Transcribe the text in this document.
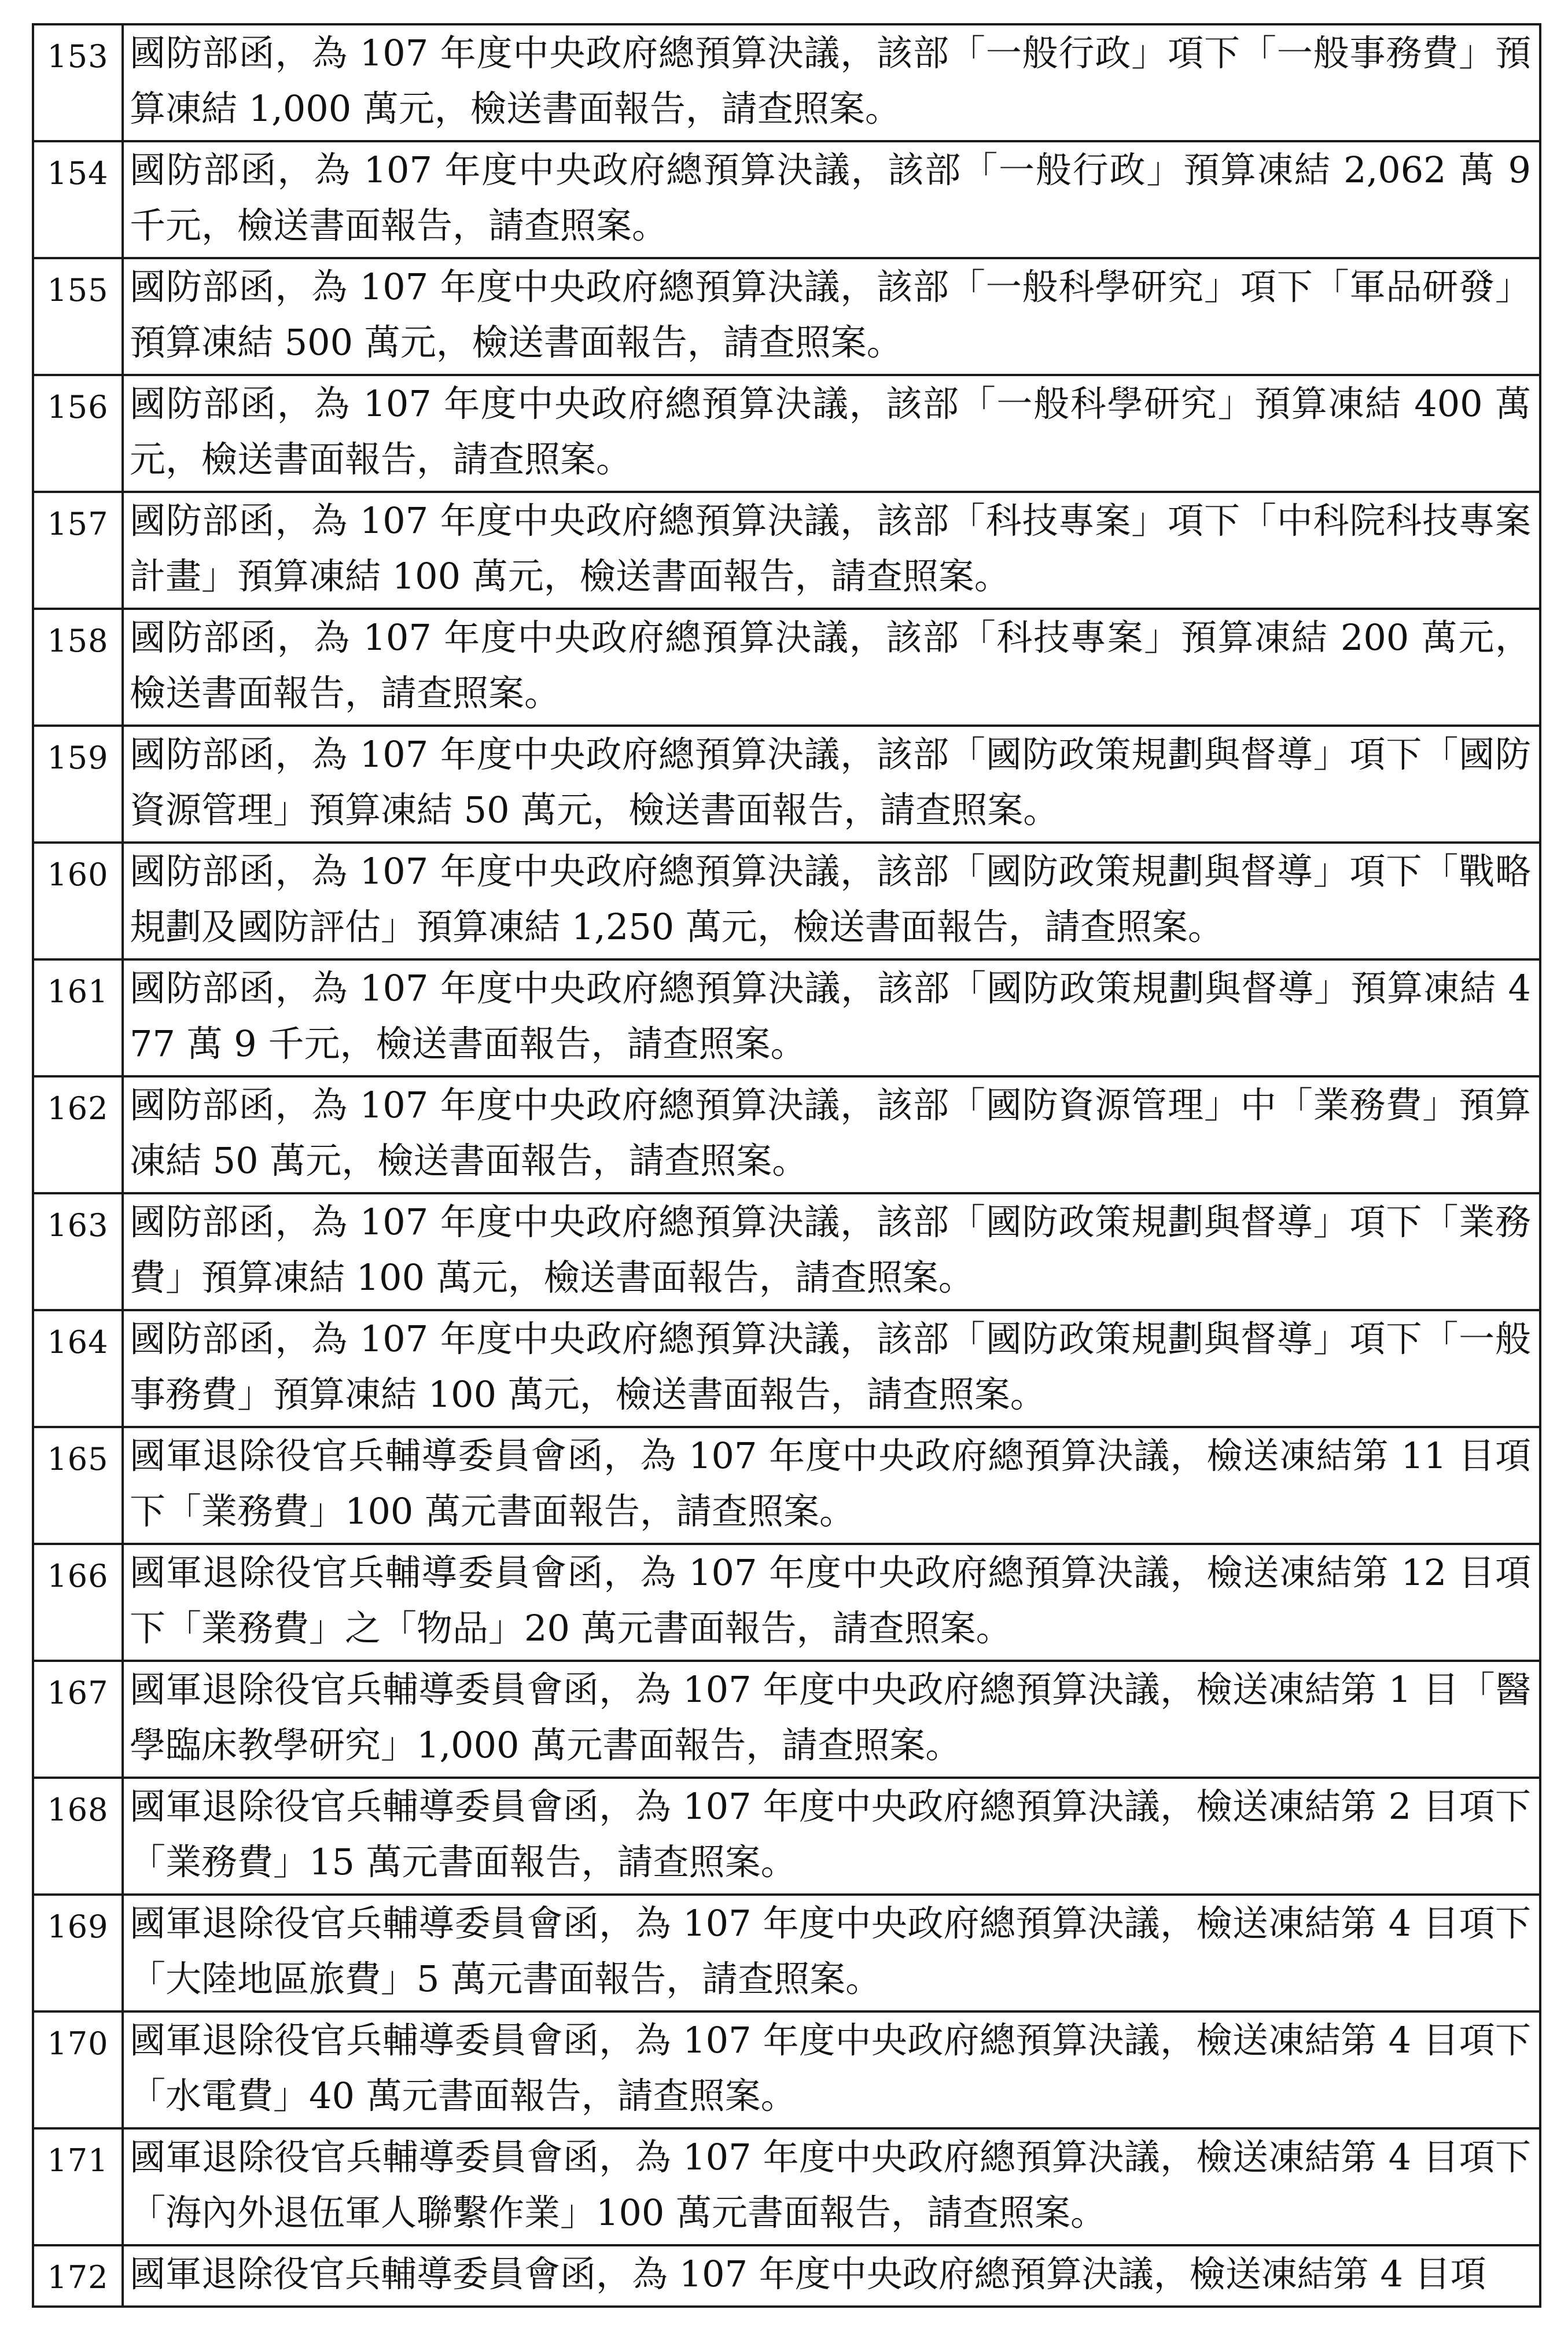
153	國防部函，為 107 年度中央政府總預算決議，該部「一般行政」項下「一般事務費」預算凍結 1,000 萬元，檢送書面報告，請查照案。
154	國防部函，為 107 年度中央政府總預算決議，該部「一般行政」預算凍結 2,062 萬 9 千元，檢送書面報告，請查照案。
155	國防部函，為 107 年度中央政府總預算決議，該部「一般科學研究」項下「軍品研發」預算凍結 500 萬元，檢送書面報告，請查照案。
156	國防部函，為 107 年度中央政府總預算決議，該部「一般科學研究」預算凍結 400 萬元，檢送書面報告，請查照案。
157	國防部函，為 107 年度中央政府總預算決議，該部「科技專案」項下「中科院科技專案計畫」預算凍結 100 萬元，檢送書面報告，請查照案。
158	國防部函，為 107 年度中央政府總預算決議，該部「科技專案」預算凍結 200 萬元，檢送書面報告，請查照案。
159	國防部函，為 107 年度中央政府總預算決議，該部「國防政策規劃與督導」項下「國防資源管理」預算凍結 50 萬元，檢送書面報告，請查照案。
160	國防部函，為 107 年度中央政府總預算決議，該部「國防政策規劃與督導」項下「戰略規劃及國防評估」預算凍結 1,250 萬元，檢送書面報告，請查照案。
161	國防部函，為 107 年度中央政府總預算決議，該部「國防政策規劃與督導」預算凍結 477 萬 9 千元，檢送書面報告，請查照案。
162	國防部函，為 107 年度中央政府總預算決議，該部「國防資源管理」中「業務費」預算凍結 50 萬元，檢送書面報告，請查照案。
163	國防部函，為 107 年度中央政府總預算決議，該部「國防政策規劃與督導」項下「業務費」預算凍結 100 萬元，檢送書面報告，請查照案。
164	國防部函，為 107 年度中央政府總預算決議，該部「國防政策規劃與督導」項下「一般事務費」預算凍結 100 萬元，檢送書面報告，請查照案。
165	國軍退除役官兵輔導委員會函，為 107 年度中央政府總預算決議，檢送凍結第 11 目項下「業務費」100 萬元書面報告，請查照案。
166	國軍退除役官兵輔導委員會函，為 107 年度中央政府總預算決議，檢送凍結第 12 目項下「業務費」之「物品」20 萬元書面報告，請查照案。
167	國軍退除役官兵輔導委員會函，為 107 年度中央政府總預算決議，檢送凍結第 1 目「醫學臨床教學研究」1,000 萬元書面報告，請查照案。
168	國軍退除役官兵輔導委員會函，為 107 年度中央政府總預算決議，檢送凍結第 2 目項下「業務費」15 萬元書面報告，請查照案。
169	國軍退除役官兵輔導委員會函，為 107 年度中央政府總預算決議，檢送凍結第 4 目項下「大陸地區旅費」5 萬元書面報告，請查照案。
170	國軍退除役官兵輔導委員會函，為 107 年度中央政府總預算決議，檢送凍結第 4 目項下「水電費」40 萬元書面報告，請查照案。
171	國軍退除役官兵輔導委員會函，為 107 年度中央政府總預算決議，檢送凍結第 4 目項下「海內外退伍軍人聯繫作業」100 萬元書面報告，請查照案。
172	國軍退除役官兵輔導委員會函，為 107 年度中央政府總預算決議，檢送凍結第 4 目項
